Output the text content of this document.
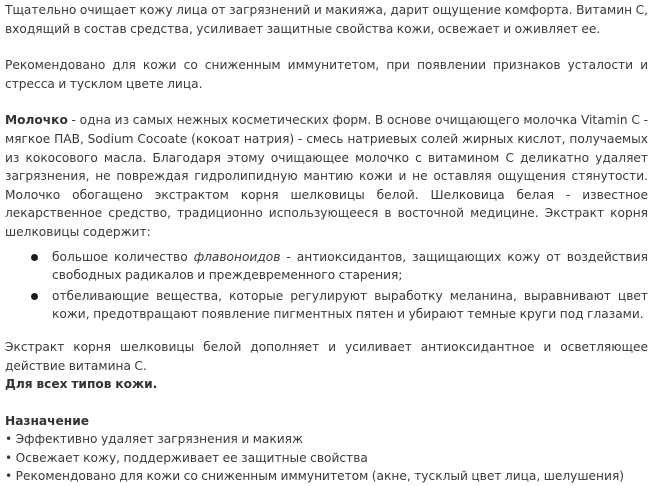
Тщательно очищает кожу лица от загрязнений и макияжа, дарит ощущение комфорта. Витамин С, входящий в состав средства, усиливает защитные свойства кожи, освежает и оживляет ее.

Рекомендовано для кожи со сниженным иммунитетом, при появлении признаков усталости и стресса и тусклом цвете лица.

Молочко - одна из самых нежных косметических форм. В основе очищающего молочка Vitamin C - мягкое ПАВ, Sodium Cocoate (кокоат натрия) - смесь натриевых солей жирных кислот, получаемых из кокосового масла. Благодаря этому очищающее молочко с витамином С деликатно удаляет загрязнения, не повреждая гидролипидную мантию кожи и не оставляя ощущения стянутости. Молочко обогащено экстрактом корня шелковицы белой. Шелковица белая - известное лекарственное средство, традиционно использующееся в восточной медицине. Экстракт корня шелковицы содержит:

большое количество флавоноидов - антиоксидантов, защищающих кожу от воздействия свободных радикалов и преждевременного старения;
отбеливающие вещества, которые регулируют выработку меланина, выравнивают цвет кожи, предотвращают появление пигментных пятен и убирают темные круги под глазами.

Экстракт корня шелковицы белой дополняет и усиливает антиоксидантное и осветляющее действие витамина С.

Для всех типов кожи.

Назначение

• Эффективно удаляет загрязнения и макияж

• Освежает кожу, поддерживает ее защитные свойства

• Рекомендовано для кожи со сниженным иммунитетом (акне, тусклый цвет лица, шелушения)
